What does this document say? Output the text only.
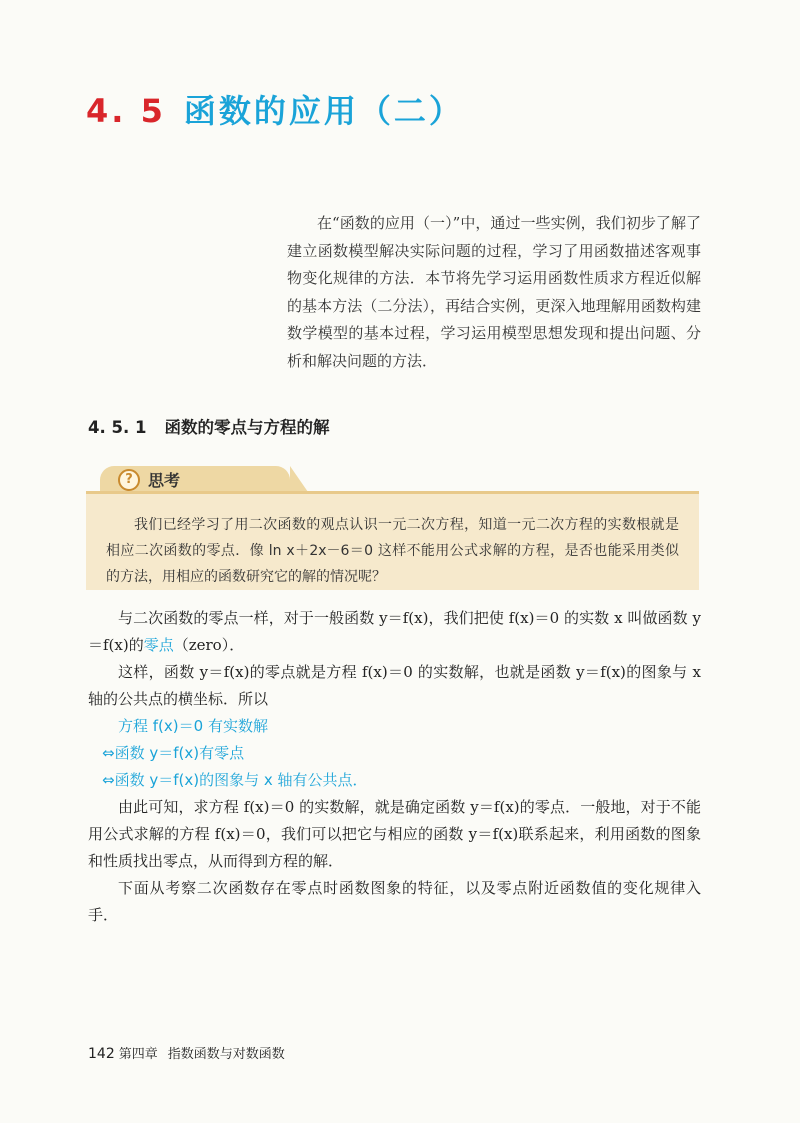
4. 5 函数的应用（二）
在“函数的应用（一）”中，通过一些实例，我们初步了解了建立函数模型解决实际问题的过程，学习了用函数描述客观事物变化规律的方法．本节将先学习运用函数性质求方程近似解的基本方法（二分法），再结合实例，更深入地理解用函数构建数学模型的基本过程，学习运用模型思想发现和提出问题、分析和解决问题的方法．
4. 5. 1 函数的零点与方程的解
? 思考
我们已经学习了用二次函数的观点认识一元二次方程，知道一元二次方程的实数根就是相应二次函数的零点．像 ln x＋2x－6＝0 这样不能用公式求解的方程，是否也能采用类似的方法，用相应的函数研究它的解的情况呢？

与二次函数的零点一样，对于一般函数 y＝f(x)，我们把使 f(x)＝0 的实数 x 叫做函数 y＝f(x)的零点（zero）．

这样，函数 y＝f(x)的零点就是方程 f(x)＝0 的实数解，也就是函数 y＝f(x)的图象与 x 轴的公共点的横坐标．所以

方程 f(x)＝0 有实数解
⇔函数 y＝f(x)有零点
⇔函数 y＝f(x)的图象与 x 轴有公共点．

由此可知，求方程 f(x)＝0 的实数解，就是确定函数 y＝f(x)的零点．一般地，对于不能用公式求解的方程 f(x)＝0，我们可以把它与相应的函数 y＝f(x)联系起来，利用函数的图象和性质找出零点，从而得到方程的解．

下面从考察二次函数存在零点时函数图象的特征，以及零点附近函数值的变化规律入手．

142 第四章 指数函数与对数函数
